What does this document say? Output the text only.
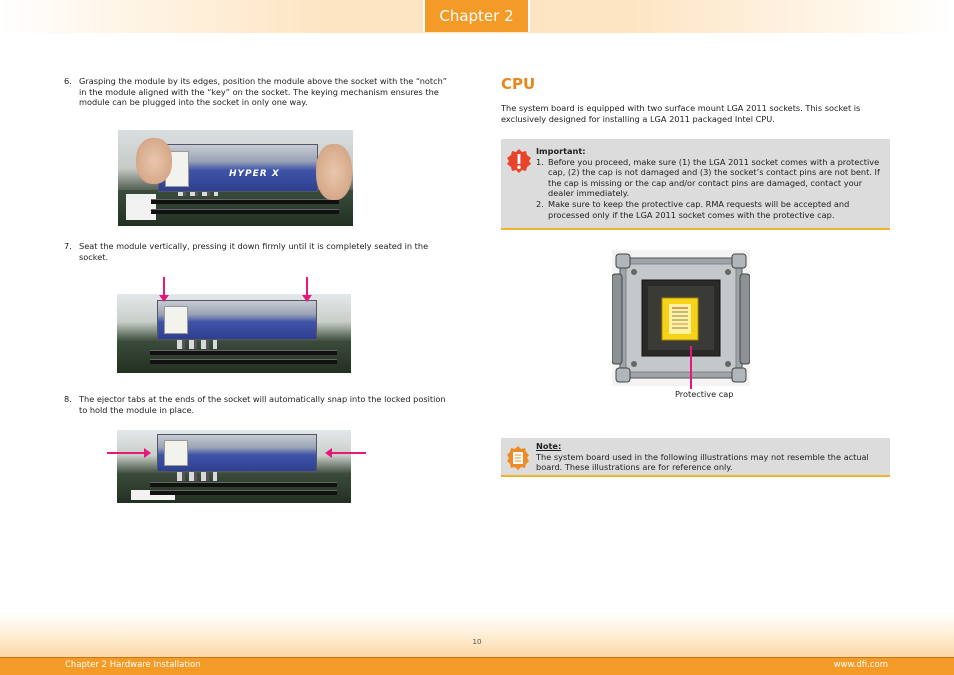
Chapter 2
6. Grasping the module by its edges, position the module above the socket with the “notch” in the module aligned with the “key” on the socket. The keying mechanism ensures the module can be plugged into the socket in only one way.
HYPER X
7. Seat the module vertically, pressing it down firmly until it is completely seated in the socket.
8. The ejector tabs at the ends of the socket will automatically snap into the locked position to hold the module in place.
CPU
The system board is equipped with two surface mount LGA 2011 sockets. This socket is exclusively designed for installing a LGA 2011 packaged Intel CPU.
Important:
1. Before you proceed, make sure (1) the LGA 2011 socket comes with a protective cap, (2) the cap is not damaged and (3) the socket’s contact pins are not bent. If the cap is missing or the cap and/or contact pins are damaged, contact your dealer immediately.
2. Make sure to keep the protective cap. RMA requests will be accepted and processed only if the LGA 2011 socket comes with the protective cap.
Protective cap
Note:
The system board used in the following illustrations may not resemble the actual board. These illustrations are for reference only.
10
Chapter 2 Hardware Installation	www.dfi.com
